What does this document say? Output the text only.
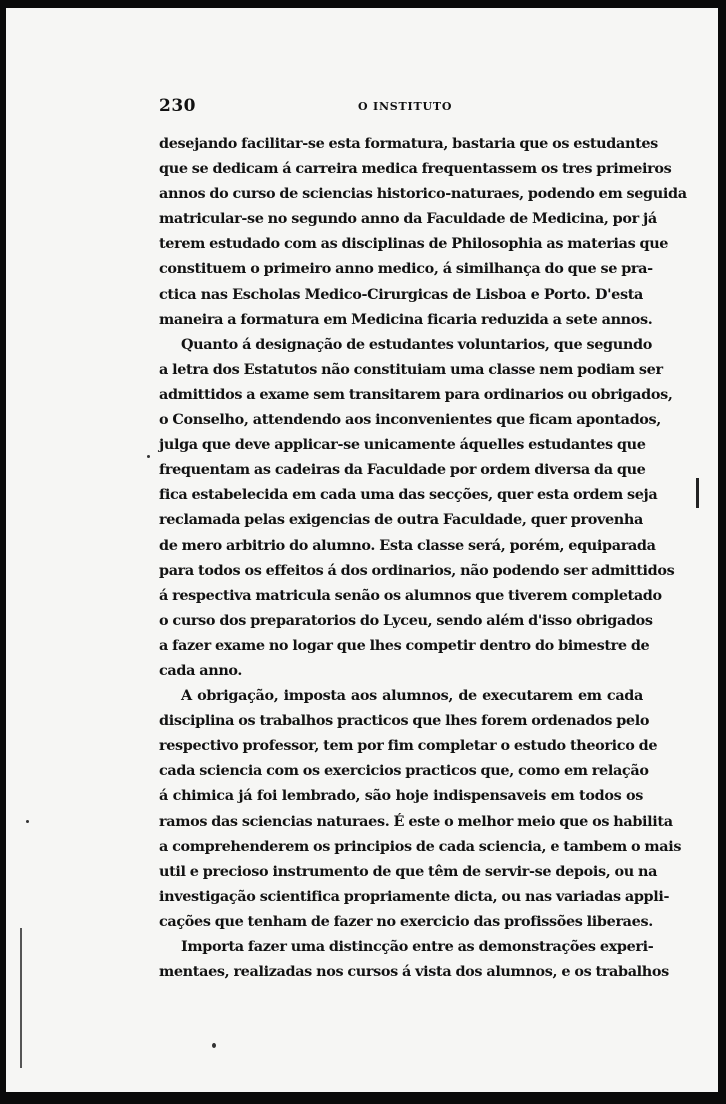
230	O INSTITUTO
desejando facilitar-se esta formatura, bastaria que os estudantes
que se dedicam á carreira medica frequentassem os tres primeiros
annos do curso de sciencias historico-naturaes, podendo em seguida
matricular-se no segundo anno da Faculdade de Medicina, por já
terem estudado com as disciplinas de Philosophia as materias que
constituem o primeiro anno medico, á similhança do que se pra-
ctica nas Escholas Medico-Cirurgicas de Lisboa e Porto. D'esta
maneira a formatura em Medicina ficaria reduzida a sete annos.
Quanto á designação de estudantes voluntarios, que segundo
a letra dos Estatutos não constituiam uma classe nem podiam ser
admittidos a exame sem transitarem para ordinarios ou obrigados,
o Conselho, attendendo aos inconvenientes que ficam apontados,
julga que deve applicar-se unicamente áquelles estudantes que
frequentam as cadeiras da Faculdade por ordem diversa da que
fica estabelecida em cada uma das secções, quer esta ordem seja
reclamada pelas exigencias de outra Faculdade, quer provenha
de mero arbitrio do alumno. Esta classe será, porém, equiparada
para todos os effeitos á dos ordinarios, não podendo ser admittidos
á respectiva matricula senão os alumnos que tiverem completado
o curso dos preparatorios do Lyceu, sendo além d'isso obrigados
a fazer exame no logar que lhes competir dentro do bimestre de
cada anno.
A obrigação, imposta aos alumnos, de executarem em cada
disciplina os trabalhos practicos que lhes forem ordenados pelo
respectivo professor, tem por fim completar o estudo theorico de
cada sciencia com os exercicios practicos que, como em relação
á chimica já foi lembrado, são hoje indispensaveis em todos os
ramos das sciencias naturaes. É este o melhor meio que os habilita
a comprehenderem os principios de cada sciencia, e tambem o mais
util e precioso instrumento de que têm de servir-se depois, ou na
investigação scientifica propriamente dicta, ou nas variadas appli-
cações que tenham de fazer no exercicio das profissões liberaes.
Importa fazer uma distincção entre as demonstrações experi-
mentaes, realizadas nos cursos á vista dos alumnos, e os trabalhos
